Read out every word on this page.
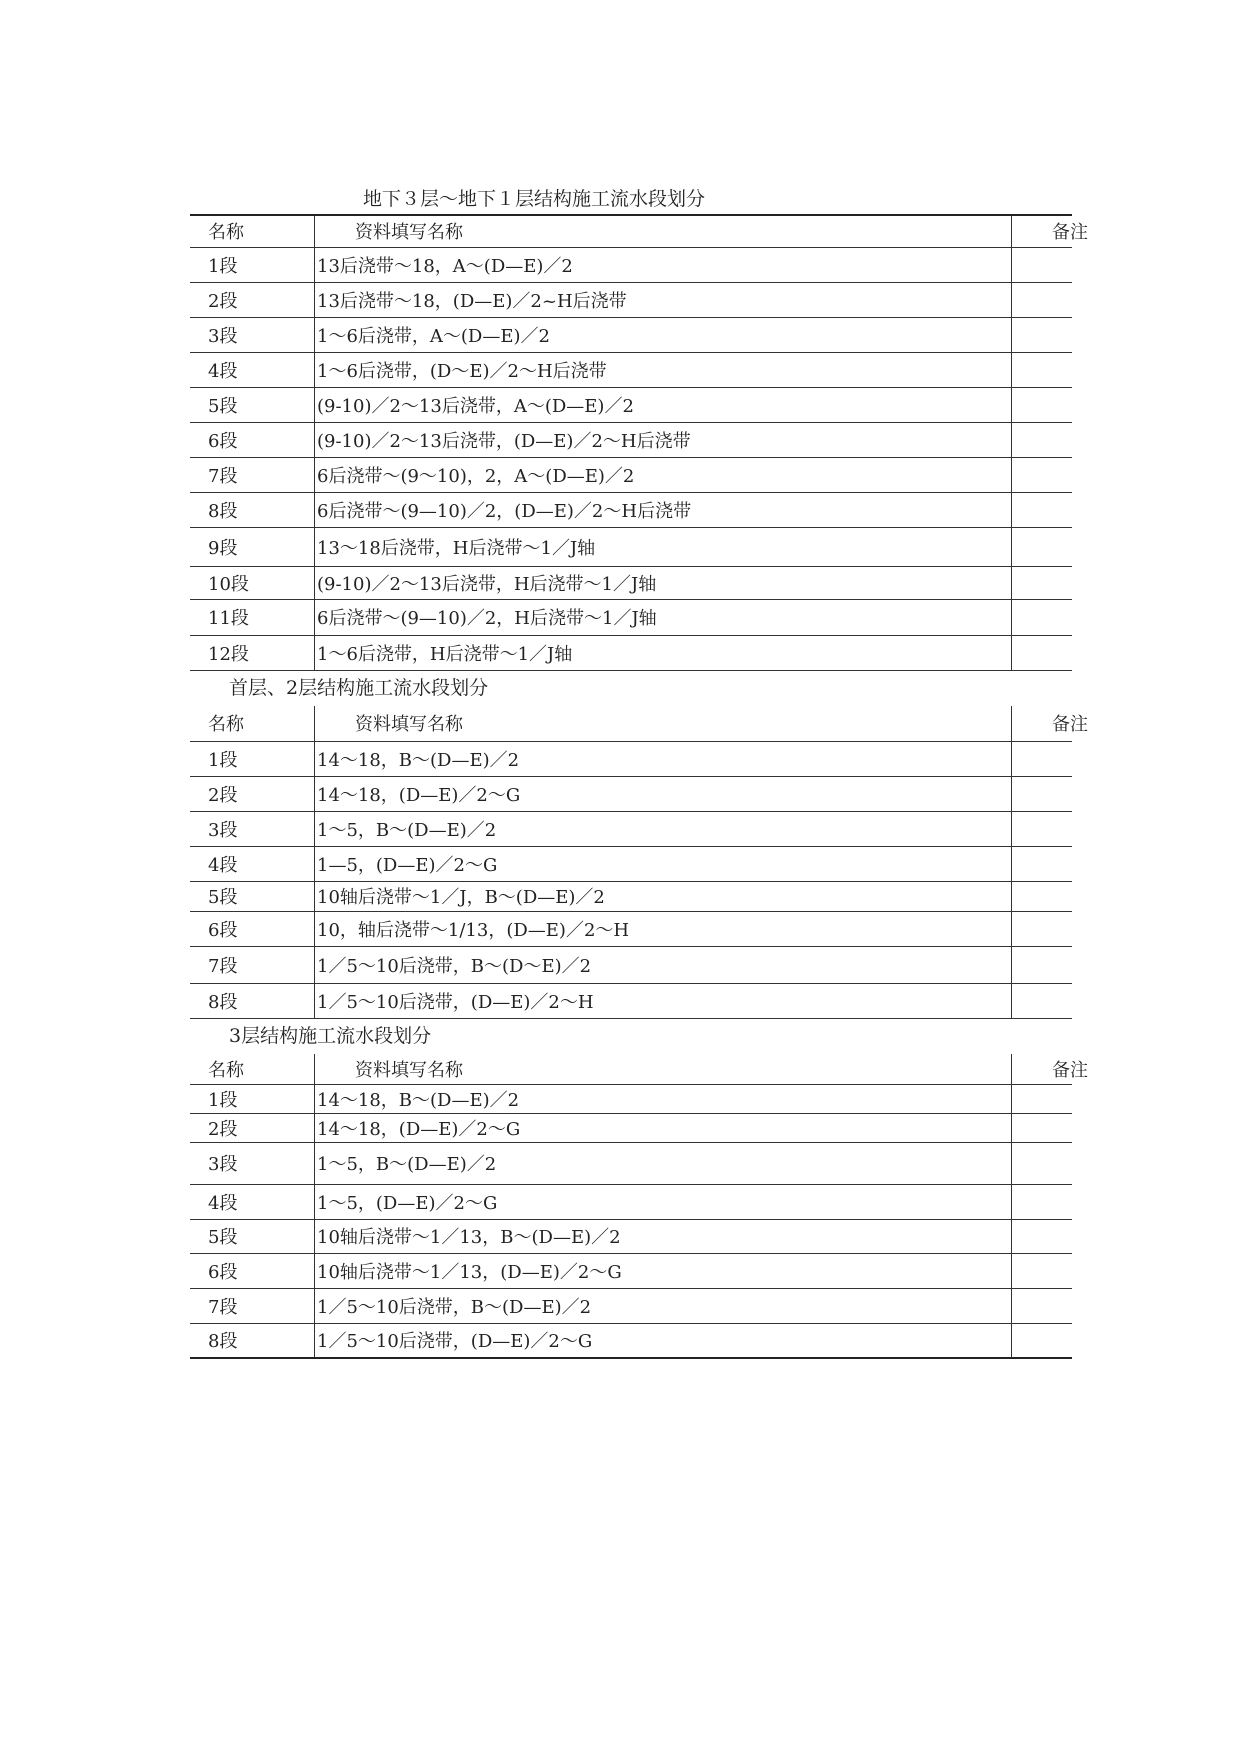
地下３层～地下１层结构施工流水段划分
名称	资料填写名称	备注
1段	13后浇带～18，A～(D—E)／2	
2段	13后浇带～18，(D—E)／2~H后浇带	
3段	1～6后浇带，A～(D—E)／2	
4段	1～6后浇带，(D～E)／2～H后浇带	
5段	(9-10)／2～13后浇带，A～(D—E)／2	
6段	(9-10)／2～13后浇带，(D—E)／2～H后浇带	
7段	6后浇带～(9～10)，2，A～(D—E)／2	
8段	6后浇带～(9—10)／2，(D—E)／2～H后浇带	
9段	13～18后浇带，H后浇带～1／J轴	
10段	(9-10)／2～13后浇带，H后浇带～1／J轴	
11段	6后浇带～(9—10)／2，H后浇带～1／J轴	
12段	1～6后浇带，H后浇带～1／J轴	
首层、2层结构施工流水段划分
名称	资料填写名称	备注
1段	14～18，B～(D—E)／2	
2段	14～18，(D—E)／2～G	
3段	1～5，B～(D—E)／2	
4段	1—5，(D—E)／2～G	
5段	10轴后浇带～1／J，B～(D—E)／2	
6段	10，轴后浇带～1/13，(D—E)／2～H	
7段	1／5～10后浇带，B～(D～E)／2	
8段	1／5～10后浇带，(D—E)／2～H	
3层结构施工流水段划分
名称	资料填写名称	备注
1段	14～18，B～(D—E)／2	
2段	14～18，(D—E)／2～G	
3段	1～5，B～(D—E)／2	
4段	1～5，(D—E)／2～G	
5段	10轴后浇带～1／13，B～(D—E)／2	
6段	10轴后浇带～1／13，(D—E)／2～G	
7段	1／5～10后浇带，B～(D—E)／2	
8段	1／5～10后浇带，(D—E)／2～G	
